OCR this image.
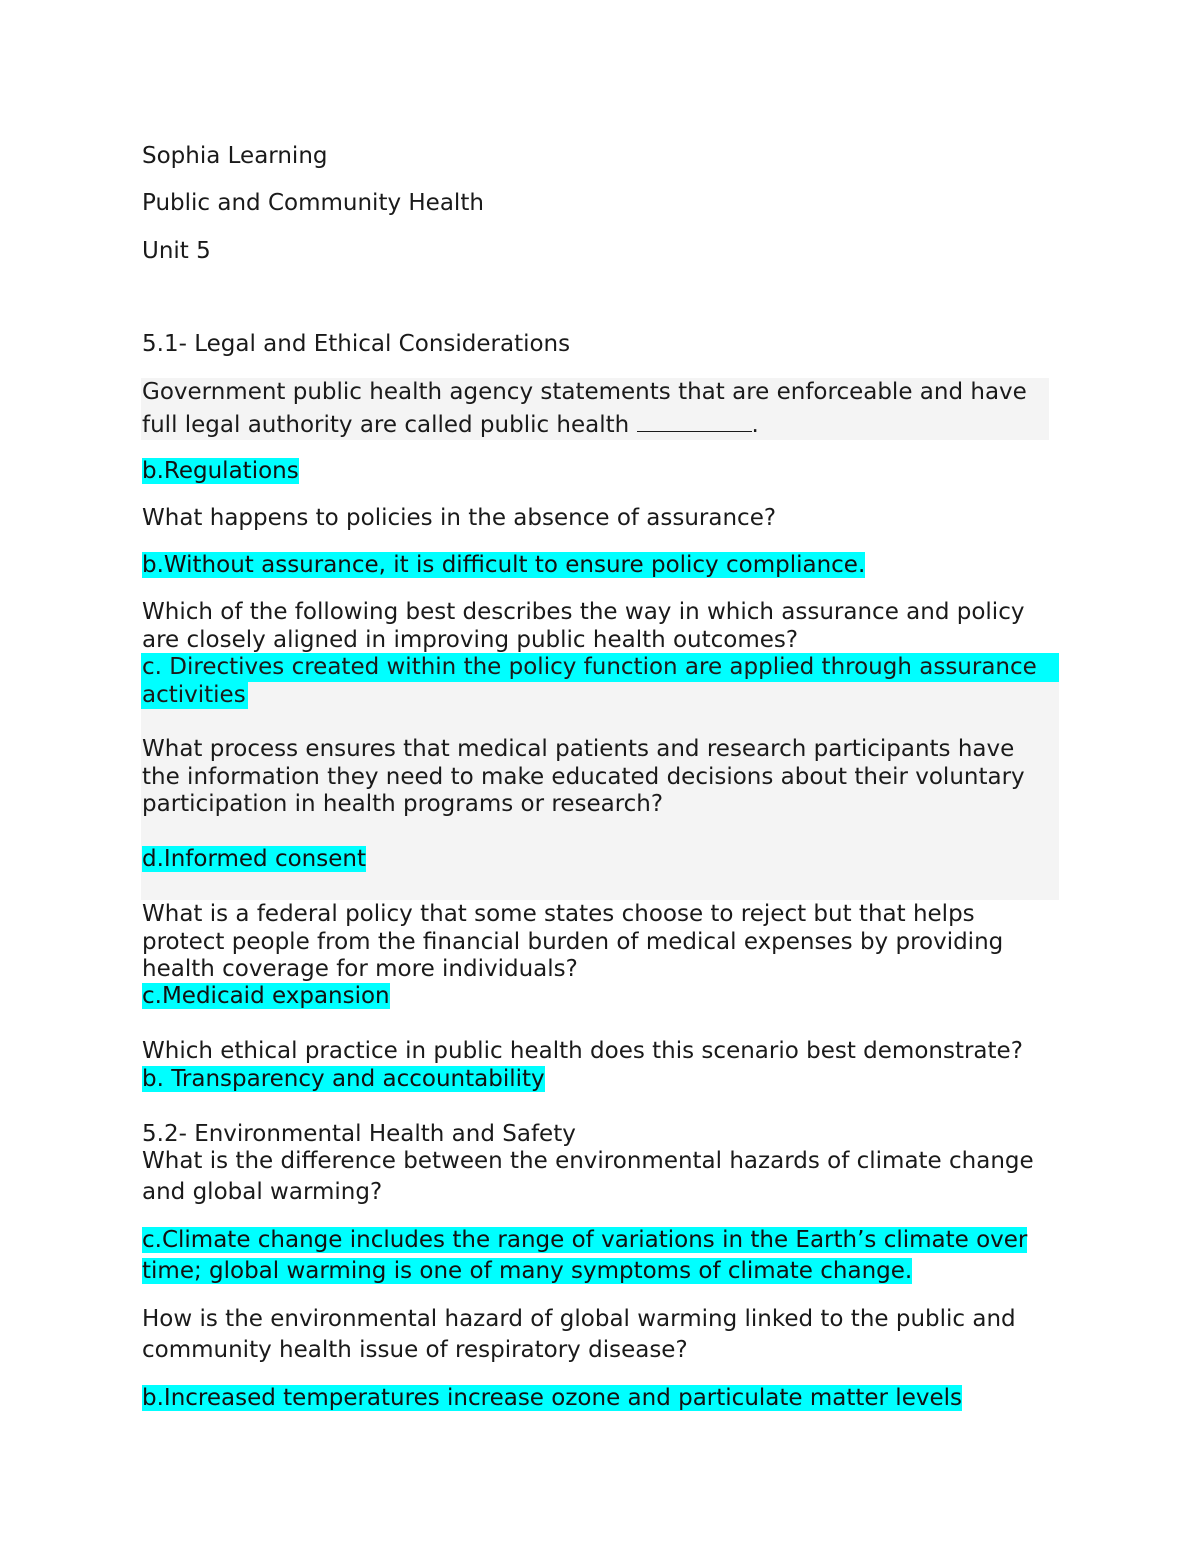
Sophia Learning

Public and Community Health

Unit 5

5.1- Legal and Ethical Considerations

Government public health agency statements that are enforceable and have

full legal authority are called public health	.

b.Regulations

What happens to policies in the absence of assurance?

b.Without assurance, it is difficult to ensure policy compliance.

Which of the following best describes the way in which assurance and policy

are closely aligned in improving public health outcomes?

c. Directives created within the policy function are applied through assurance

activities

What process ensures that medical patients and research participants have

the information they need to make educated decisions about their voluntary

participation in health programs or research?

d.Informed consent

What is a federal policy that some states choose to reject but that helps

protect people from the financial burden of medical expenses by providing

health coverage for more individuals?

c.Medicaid expansion

Which ethical practice in public health does this scenario best demonstrate?

b. Transparency and accountability

5.2- Environmental Health and Safety

What is the difference between the environmental hazards of climate change

and global warming?

c.Climate change includes the range of variations in the Earth’s climate over

time; global warming is one of many symptoms of climate change.

How is the environmental hazard of global warming linked to the public and

community health issue of respiratory disease?

b.Increased temperatures increase ozone and particulate matter levels
